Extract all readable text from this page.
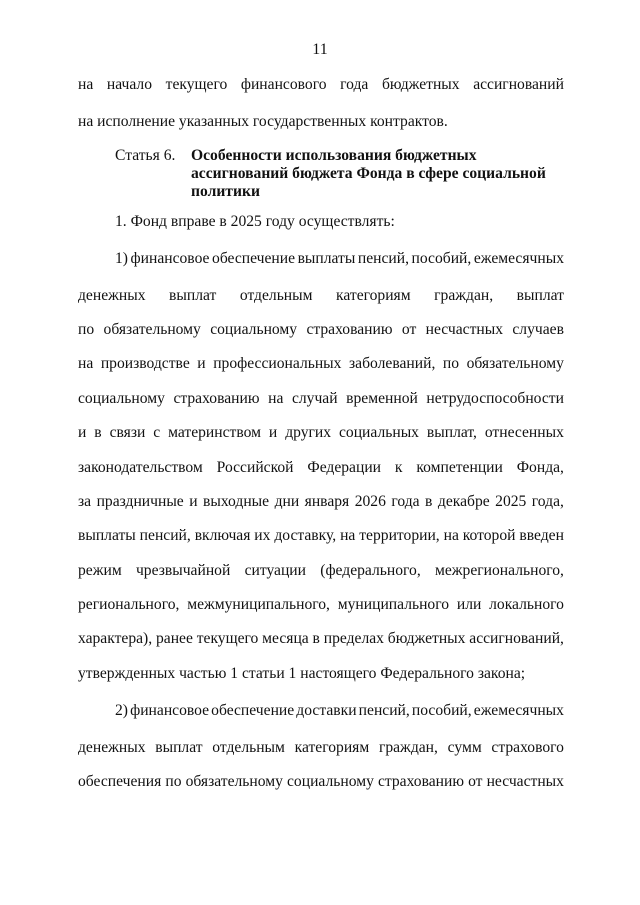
11
на начало текущего финансового года бюджетных ассигнований
на исполнение указанных государственных контрактов.
Статья 6. Особенности использования бюджетных
ассигнований бюджета Фонда в сфере социальной
политики
1. Фонд вправе в 2025 году осуществлять:
1) финансовое обеспечение выплаты пенсий, пособий, ежемесячных
денежных выплат отдельным категориям граждан, выплат
по обязательному социальному страхованию от несчастных случаев
на производстве и профессиональных заболеваний, по обязательному
социальному страхованию на случай временной нетрудоспособности
и в связи с материнством и других социальных выплат, отнесенных
законодательством Российской Федерации к компетенции Фонда,
за праздничные и выходные дни января 2026 года в декабре 2025 года,
выплаты пенсий, включая их доставку, на территории, на которой введен
режим чрезвычайной ситуации (федерального, межрегионального,
регионального, межмуниципального, муниципального или локального
характера), ранее текущего месяца в пределах бюджетных ассигнований,
утвержденных частью 1 статьи 1 настоящего Федерального закона;
2) финансовое обеспечение доставки пенсий, пособий, ежемесячных
денежных выплат отдельным категориям граждан, сумм страхового
обеспечения по обязательному социальному страхованию от несчастных
